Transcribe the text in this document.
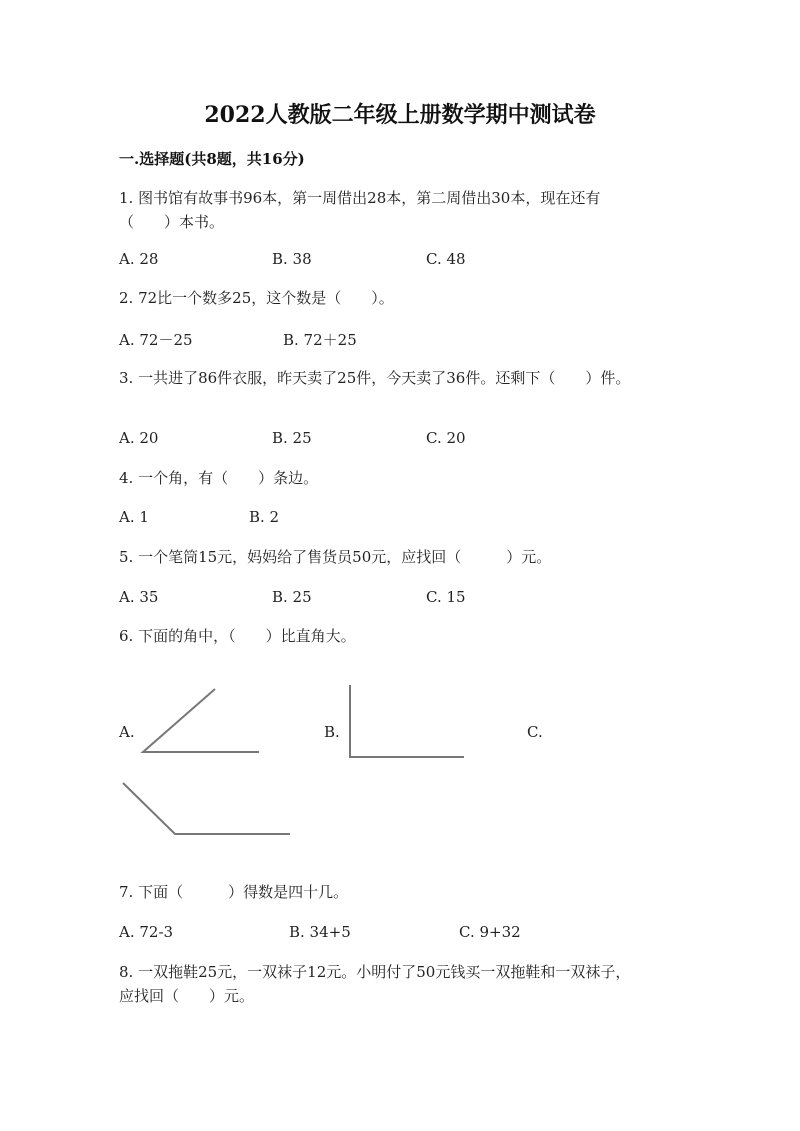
2022人教版二年级上册数学期中测试卷
一.选择题(共8题，共16分)
1. 图书馆有故事书96本，第一周借出28本，第二周借出30本，现在还有
（　　）本书。
A. 28	B. 38	C. 48
2. 72比一个数多25，这个数是（　　）。
A. 72－25	B. 72＋25
3. 一共进了86件衣服，昨天卖了25件，今天卖了36件。还剩下（　　）件。
A. 20	B. 25	C. 20
4. 一个角，有（　　）条边。
A. 1	B. 2
5. 一个笔筒15元，妈妈给了售货员50元，应找回（　　　）元。
A. 35	B. 25	C. 15
6. 下面的角中，（　　）比直角大。
A.	B.	C.
7. 下面（　　　）得数是四十几。
A. 72-3	B. 34+5	C. 9+32
8. 一双拖鞋25元，一双袜子12元。小明付了50元钱买一双拖鞋和一双袜子，
应找回（　　）元。
